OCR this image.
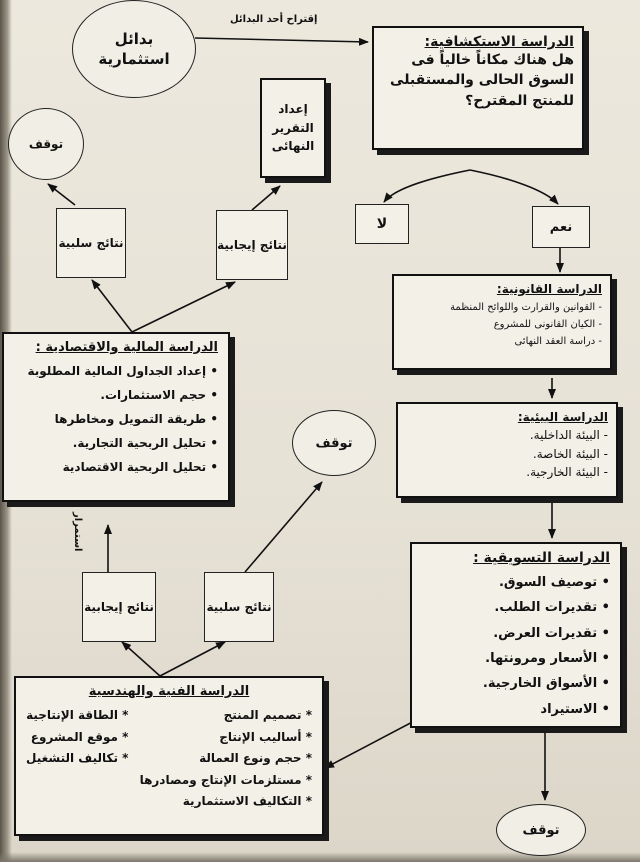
إقتراح أحد البدائل
استمرار
بدائل استثمارية
الدراسة الاستكشافية:
هل هناك مكاناً خالياً فى السوق الحالى والمستقبلى للمنتج المقترح؟
لا	نعم
الدراسة القانونية:
- القوانين والقرارت واللوائح المنظمة
- الكيان القانونى للمشروع
- دراسة العقد النهائى
الدراسة البيئية:
- البيئة الداخلية.
- البيئة الخاصة.
- البيئة الخارجية.
الدراسة التسويقية :
• توصيف السوق.
• تقديرات الطلب.
• تقديرات العرض.
• الأسعار ومرونتها.
• الأسواق الخارجية.
• الاستيراد
توقف
الدراسة الفنية والهندسية
* تصميم المنتج
* أساليب الإنتاج
* حجم ونوع العمالة
* مستلزمات الإنتاج ومصادرها
* التكاليف الاستثمارية
* الطاقة الإنتاجية
* موقع المشروع
* تكاليف التشغيل
نتائج إيجابية	نتائج سلبية
توقف
الدراسة المالية والاقتصادية :
• إعداد الجداول المالية المطلوبة
• حجم الاستثمارات.
• طريقة التمويل ومخاطرها
• تحليل الربحية التجارية.
• تحليل الربحية الاقتصادية
نتائج سلبية	نتائج إيجابية
توقف
إعداد التقرير النهائى
